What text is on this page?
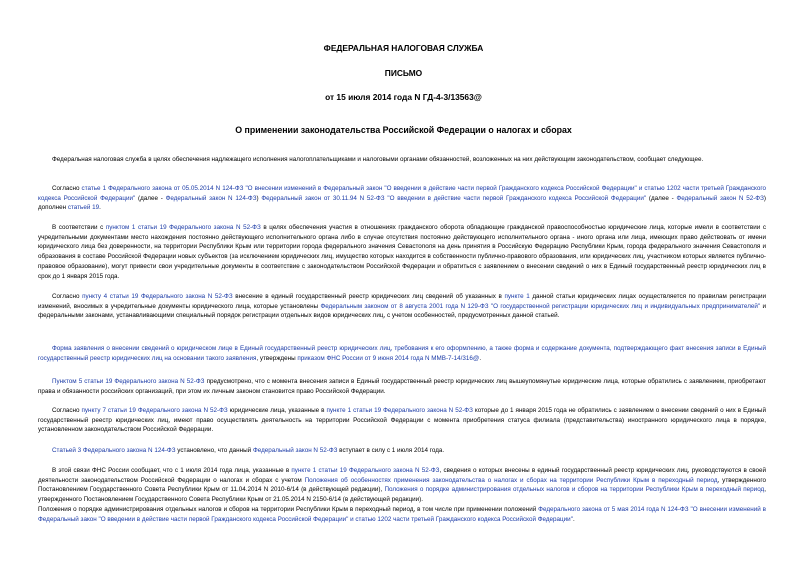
ФЕДЕРАЛЬНАЯ НАЛОГОВАЯ СЛУЖБА
ПИСЬМО
от 15 июля 2014 года N ГД-4-3/13563@
О применении законодательства Российской Федерации о налогах и сборах
Федеральная налоговая служба в целях обеспечения надлежащего исполнения налогоплательщиками и налоговыми органами обязанностей, возложенных на них действующим законодательством, сообщает следующее.
Согласно статье 1 Федерального закона от 05.05.2014 N 124-ФЗ "О внесении изменений в Федеральный закон "О введении в действие части первой Гражданского кодекса Российской Федерации" и статью 1202 части третьей Гражданского кодекса Российской Федерации" (далее - Федеральный закон N 124-ФЗ) Федеральный закон от 30.11.94 N 52-ФЗ "О введении в действие части первой Гражданского кодекса Российской Федерации" (далее - Федеральный закон N 52-ФЗ) дополнен статьей 19.
В соответствии с пунктом 1 статьи 19 Федерального закона N 52-ФЗ в целях обеспечения участия в отношениях гражданского оборота обладающие гражданской правоспособностью юридические лица, которые имели в соответствии с учредительными документами место нахождения постоянно действующего исполнительного органа либо в случае отсутствия постоянно действующего исполнительного органа - иного органа или лица, имеющих право действовать от имени юридического лица без доверенности, на территории Республики Крым или территории города федерального значения Севастополя на день принятия в Российскую Федерацию Республики Крым, города федерального значения Севастополя и образования в составе Российской Федерации новых субъектов (за исключением юридических лиц, имущество которых находится в собственности публично-правового образования, или юридических лиц, участником которых является публично-правовое образование), могут привести свои учредительные документы в соответствие с законодательством Российской Федерации и обратиться с заявлением о внесении сведений о них в Единый государственный реестр юридических лиц в срок до 1 января 2015 года.
Согласно пункту 4 статьи 19 Федерального закона N 52-ФЗ внесение в единый государственный реестр юридических лиц сведений об указанных в пункте 1 данной статьи юридических лицах осуществляется по правилам регистрации изменений, вносимых в учредительные документы юридического лица, которые установлены Федеральным законом от 8 августа 2001 года N 129-ФЗ "О государственной регистрации юридических лиц и индивидуальных предпринимателей" и федеральными законами, устанавливающими специальный порядок регистрации отдельных видов юридических лиц, с учетом особенностей, предусмотренных данной статьей.
Форма заявления о внесении сведений о юридическом лице в Единый государственный реестр юридических лиц, требования к его оформлению, а также форма и содержание документа, подтверждающего факт внесения записи в Единый государственный реестр юридических лиц на основании такого заявления, утверждены приказом ФНС России от 9 июня 2014 года N ММВ-7-14/316@.
Пунктом 5 статьи 19 Федерального закона N 52-ФЗ предусмотрено, что с момента внесения записи в Единый государственный реестр юридических лиц вышеупомянутые юридические лица, которые обратились с заявлением, приобретают права и обязанности российских организаций, при этом их личным законом становится право Российской Федерации.
Согласно пункту 7 статьи 19 Федерального закона N 52-ФЗ юридические лица, указанные в пункте 1 статьи 19 Федерального закона N 52-ФЗ которые до 1 января 2015 года не обратились с заявлением о внесении сведений о них в Единый государственный реестр юридических лиц, имеют право осуществлять деятельность на территории Российской Федерации с момента приобретения статуса филиала (представительства) иностранного юридического лица в порядке, установленном законодательством Российской Федерации.
Статьей 3 Федерального закона N 124-ФЗ установлено, что данный Федеральный закон N 52-ФЗ вступает в силу с 1 июля 2014 года.
В этой связи ФНС России сообщает, что с 1 июля 2014 года лица, указанные в пункте 1 статьи 19 Федерального закона N 52-ФЗ, сведения о которых внесены в единый государственный реестр юридических лиц, руководствуются в своей деятельности законодательством Российской Федерации о налогах и сборах с учетом Положения об особенностях применения законодательства о налогах и сборах на территории Республики Крым в переходный период, утвержденного Постановлением Государственного Совета Республики Крым от 11.04.2014 N 2010-6/14 (в действующей редакции), Положения о порядке администрирования отдельных налогов и сборов на территории Республики Крым в переходный период, утвержденного Постановлением Государственного Совета Республики Крым от 21.05.2014 N 2150-6/14 (в действующей редакции).
Положения о порядке администрирования отдельных налогов и сборов на территории Республики Крым в переходный период, в том числе при применении положений Федерального закона от 5 мая 2014 года N 124-ФЗ "О внесении изменений в Федеральный закон "О введении в действие части первой Гражданского кодекса Российской Федерации" и статью 1202 части третьей Гражданского кодекса Российской Федерации".
